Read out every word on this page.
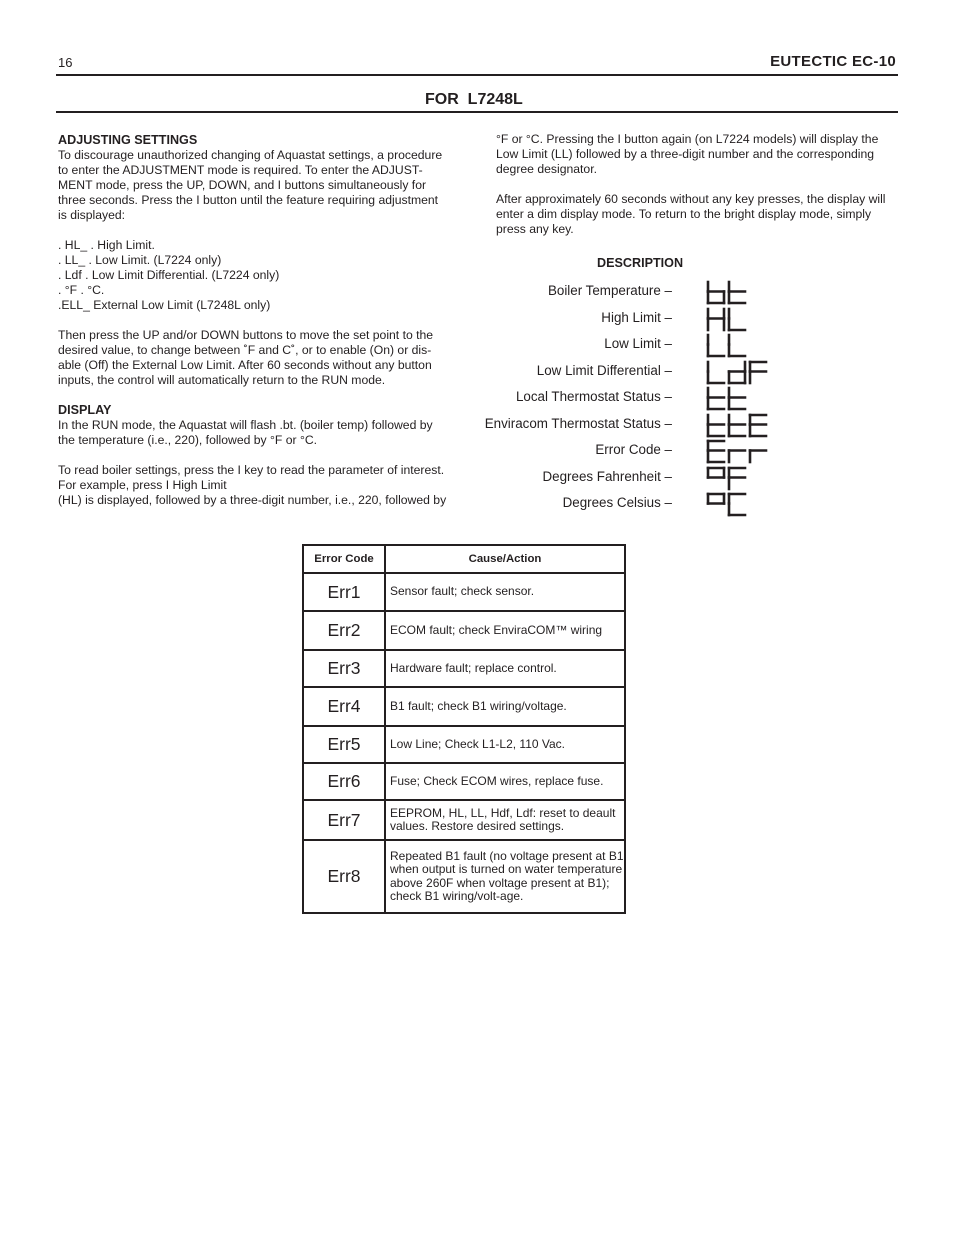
16	EUTECTIC EC-10
FOR  L7248L
ADJUSTING SETTINGS

To discourage unauthorized changing of Aquastat settings, a procedure
to enter the ADJUSTMENT mode is required. To enter the ADJUST-
MENT mode, press the UP, DOWN, and I buttons simultaneously for
three seconds. Press the I button until the feature requiring adjustment
is displayed:

. HL_ . High Limit.
. LL_ . Low Limit. (L7224 only)
. Ldf . Low Limit Differential. (L7224 only)
. °F . °C.
.ELL_ External Low Limit (L7248L only)

Then press the UP and/or DOWN buttons to move the set point to the
desired value, to change between ˚F and C˚, or to enable (On) or dis-
able (Off) the External Low Limit. After 60 seconds without any button
inputs, the control will automatically return to the RUN mode.

DISPLAY

In the RUN mode, the Aquastat will flash .bt. (boiler temp) followed by
the temperature (i.e., 220), followed by °F or °C.

To read boiler settings, press the I key to read the parameter of interest.
For example, press I High Limit
(HL) is displayed, followed by a three-digit number, i.e., 220, followed by

°F or °C. Pressing the I button again (on L7224 models) will display the
Low Limit (LL) followed by a three-digit number and the corresponding
degree designator.

After approximately 60 seconds without any key presses, the display will
enter a dim display mode. To return to the bright display mode, simply
press any key.

DESCRIPTION
Boiler Temperature –
High Limit –
Low Limit –
Low Limit Differential –
Local Thermostat Status –
Enviracom Thermostat Status –
Error Code –
Degrees Fahrenheit –
Degrees Celsius –
Error Code	Cause/Action
Err1	Sensor fault; check sensor.
Err2	ECOM fault; check EnviraCOM™ wiring
Err3	Hardware fault; replace control.
Err4	B1 fault; check B1 wiring/voltage.
Err5	Low Line; Check L1-L2, 110 Vac.
Err6	Fuse; Check ECOM wires, replace fuse.
Err7	EEPROM, HL, LL, Hdf, Ldf: reset to deault values. Restore desired settings.
Err8	Repeated B1 fault (no voltage present at B1 when output is turned on water temperature above 260F when voltage present at B1); check B1 wiring/volt-age.
